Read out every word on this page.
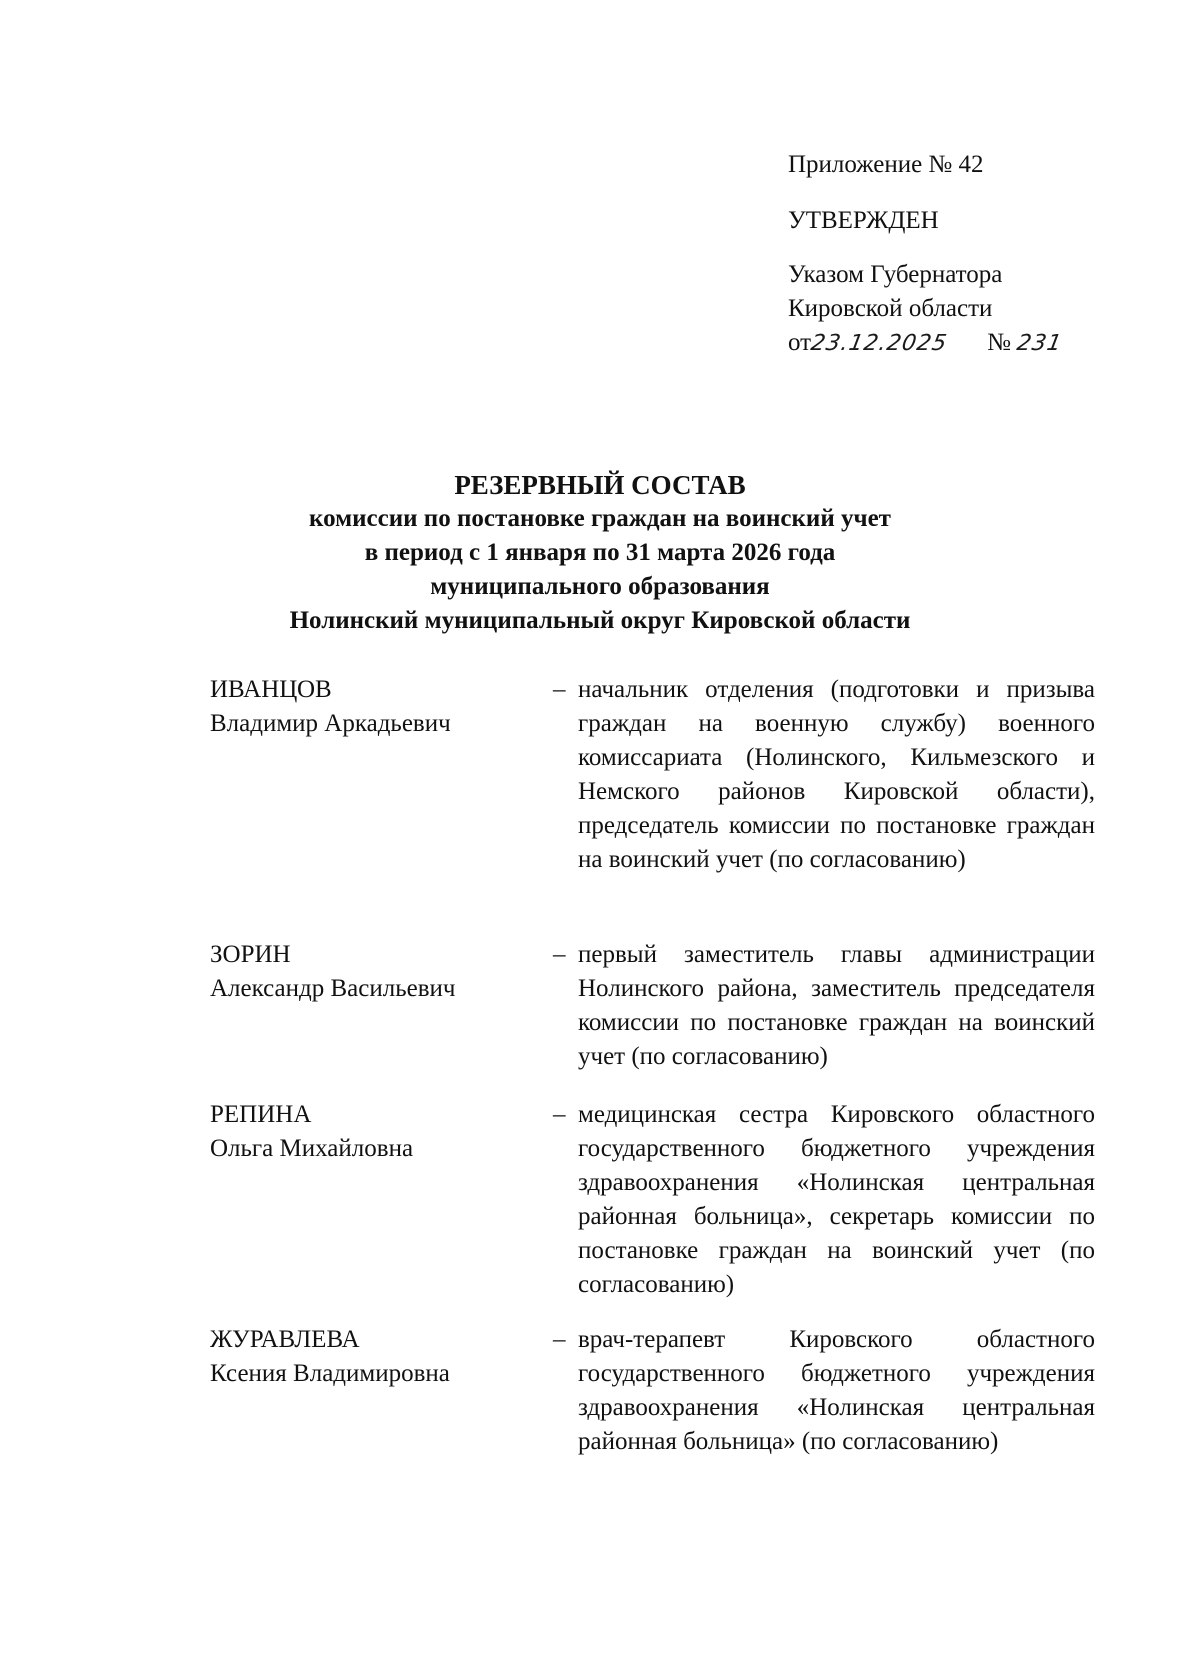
Приложение № 42
УТВЕРЖДЕН
Указом Губернатора
Кировской области
от23.12.2025 № 231
РЕЗЕРВНЫЙ СОСТАВ
комиссии по постановке граждан на воинский учет
в период с 1 января по 31 марта 2026 года
муниципального образования
Нолинский муниципальный округ Кировской области
ИВАНЦОВ
Владимир Аркадьевич
– начальник отделения (подготовки и призыва граждан на военную службу) военного комиссариата (Нолинского, Кильмезского и Немского районов Кировской области), председатель комиссии по постановке граждан на воинский учет (по согласованию)
ЗОРИН
Александр Васильевич
– первый заместитель главы администрации Нолинского района, заместитель председателя комиссии по постановке граждан на воинский учет (по согласованию)
РЕПИНА
Ольга Михайловна
– медицинская сестра Кировского областного государственного бюджетного учреждения здравоохранения «Нолинская центральная районная больница», секретарь комиссии по постановке граждан на воинский учет (по согласованию)
ЖУРАВЛЕВА
Ксения Владимировна
– врач-терапевт Кировского областного государственного бюджетного учреждения здравоохранения «Нолинская центральная районная больница» (по согласованию)
